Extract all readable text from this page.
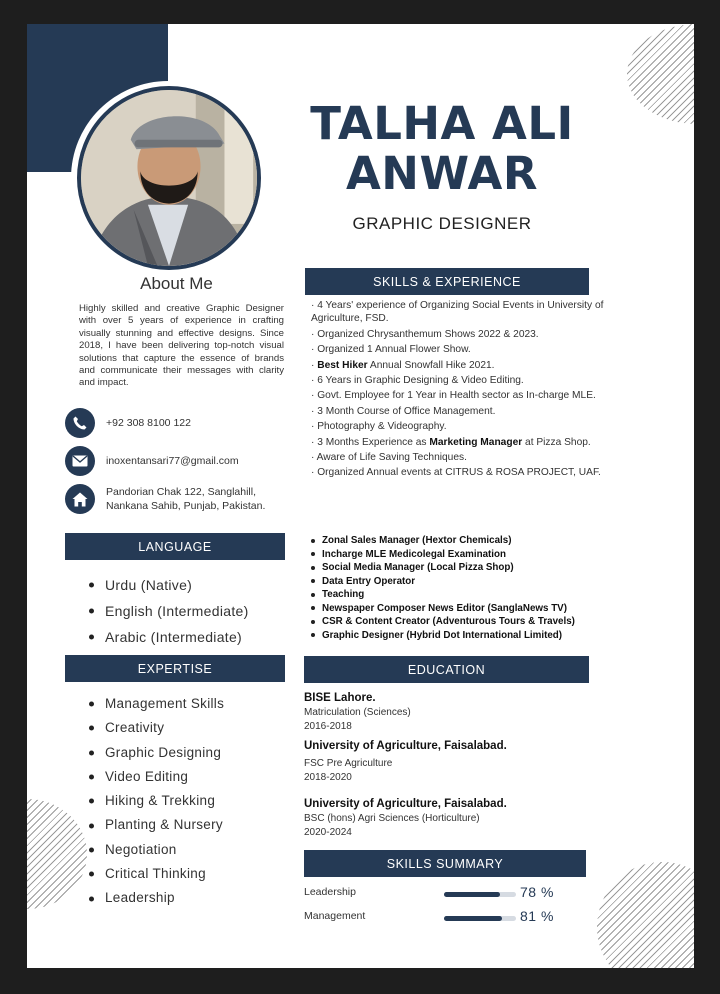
TALHA ALI
ANWAR
GRAPHIC DESIGNER
About Me
Highly skilled and creative Graphic Designer with over 5 years of experience in crafting visually stunning and effective designs. Since 2018, I have been delivering top-notch visual solutions that capture the essence of brands and communicate their messages with clarity and impact.
+92 308 8100 122
inoxentansari77@gmail.com
Pandorian Chak 122, Sanglahill,
Nankana Sahib, Punjab, Pakistan.
LANGUAGE
Urdu (Native)
English (Intermediate)
Arabic (Intermediate)
EXPERTISE
Management Skills
Creativity
Graphic Designing
Video Editing
Hiking & Trekking
Planting & Nursery
Negotiation
Critical Thinking
Leadership
SKILLS & EXPERIENCE

· 4 Years' experience of Organizing Social Events in University of Agriculture, FSD.

· Organized Chrysanthemum Shows 2022 & 2023.

· Organized 1 Annual Flower Show.

· Best Hiker Annual Snowfall Hike 2021.

· 6 Years in Graphic Designing & Video Editing.

· Govt. Employee for 1 Year in Health sector as In-charge MLE.

· 3 Month Course of Office Management.

· Photography & Videography.

· 3 Months Experience as Marketing Manager at Pizza Shop.

· Aware of Life Saving Techniques.

· Organized Annual events at CITRUS & ROSA PROJECT, UAF.

Zonal Sales Manager (Hextor Chemicals)
Incharge MLE Medicolegal Examination
Social Media Manager (Local Pizza Shop)
Data Entry Operator
Teaching
Newspaper Composer News Editor (SanglaNews TV)
CSR & Content Creator (Adventurous Tours & Travels)
Graphic Designer (Hybrid Dot International Limited)
EDUCATION
BISE Lahore.
Matriculation (Sciences)
2016-2018
University of Agriculture, Faisalabad.
FSC Pre Agriculture
2018-2020
University of Agriculture, Faisalabad.
BSC (hons) Agri Sciences (Horticulture)
2020-2024
SKILLS SUMMARY
Leadership	78 %
Management	81 %
